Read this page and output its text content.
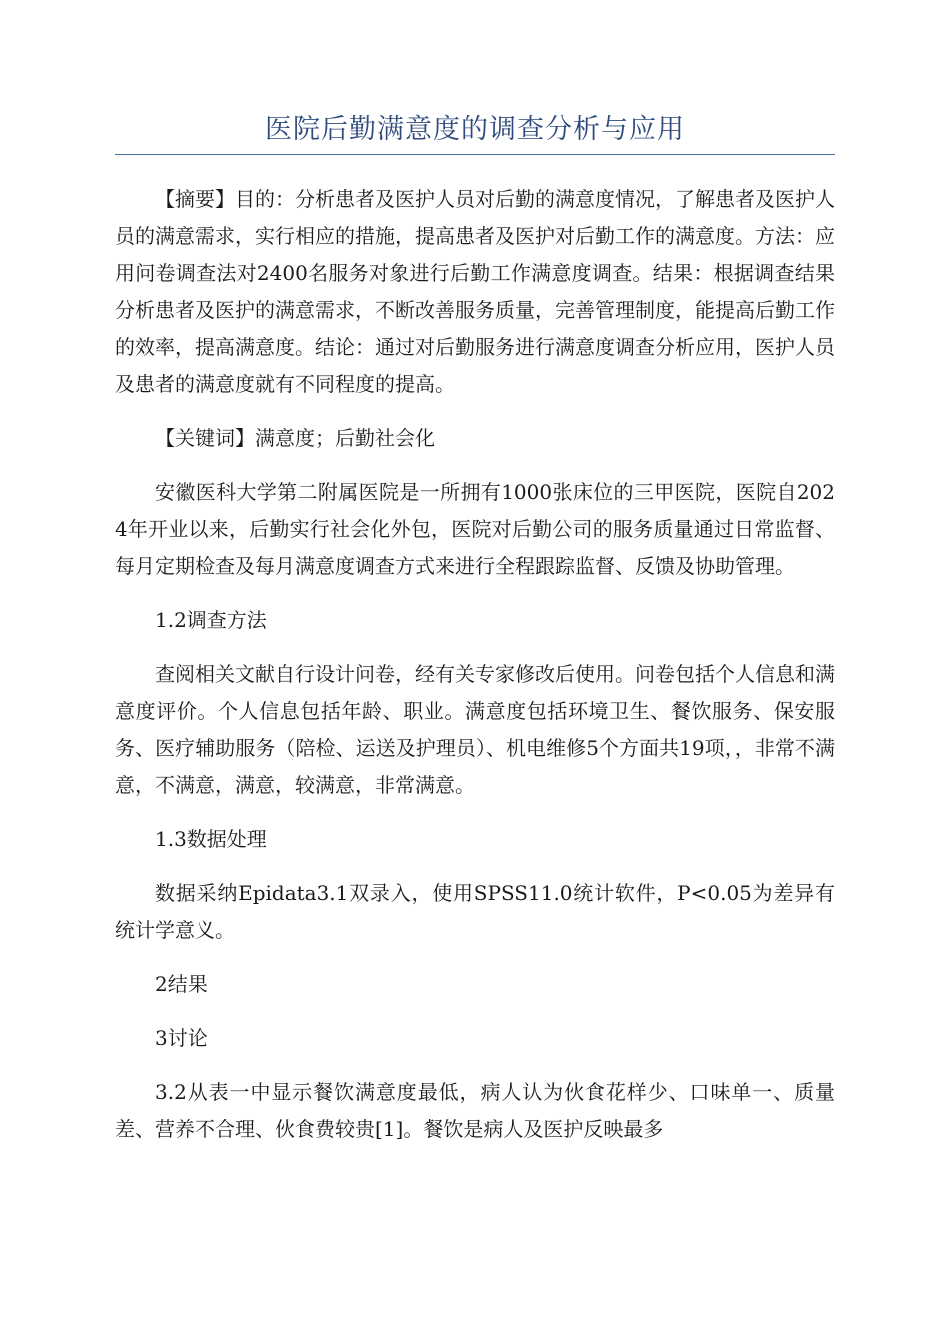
医院后勤满意度的调查分析与应用

【摘要】目的：分析患者及医护人员对后勤的满意度情况，了解患者及医护人员的满意需求，实行相应的措施，提高患者及医护对后勤工作的满意度。方法：应用问卷调查法对2400名服务对象进行后勤工作满意度调查。结果：根据调查结果分析患者及医护的满意需求，不断改善服务质量，完善管理制度，能提高后勤工作的效率，提高满意度。结论：通过对后勤服务进行满意度调查分析应用，医护人员及患者的满意度就有不同程度的提高。

【关键词】满意度；后勤社会化

安徽医科大学第二附属医院是一所拥有1000张床位的三甲医院，医院自2024年开业以来，后勤实行社会化外包，医院对后勤公司的服务质量通过日常监督、每月定期检查及每月满意度调查方式来进行全程跟踪监督、反馈及协助管理。

1.2调查方法

查阅相关文献自行设计问卷，经有关专家修改后使用。问卷包括个人信息和满意度评价。个人信息包括年龄、职业。满意度包括环境卫生、餐饮服务、保安服务、医疗辅助服务（陪检、运送及护理员）、机电维修5个方面共19项，，非常不满意，不满意，满意，较满意，非常满意。

1.3数据处理

数据采纳Epidata3.1双录入，使用SPSS11.0统计软件，P<0.05为差异有统计学意义。

2结果

3讨论

3.2从表一中显示餐饮满意度最低，病人认为伙食花样少、口味单一、质量差、营养不合理、伙食费较贵[1]。餐饮是病人及医护反映最多
